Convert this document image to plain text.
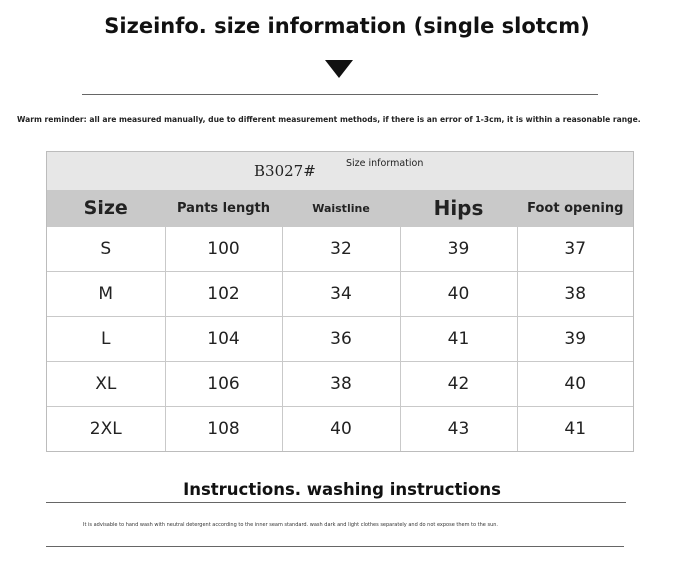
Sizeinfo. size information (single slotcm)
Warm reminder: all are measured manually, due to different measurement methods, if there is an error of 1-3cm, it is within a reasonable range.
B3027#	Size information
Size	Pants length	Waistline	Hips	Foot opening
S	100	32	39	37
M	102	34	40	38
L	104	36	41	39
XL	106	38	42	40
2XL	108	40	43	41
Instructions. washing instructions
It is advisable to hand wash with neutral detergent according to the inner seam standard. wash dark and light clothes separately and do not expose them to the sun.
